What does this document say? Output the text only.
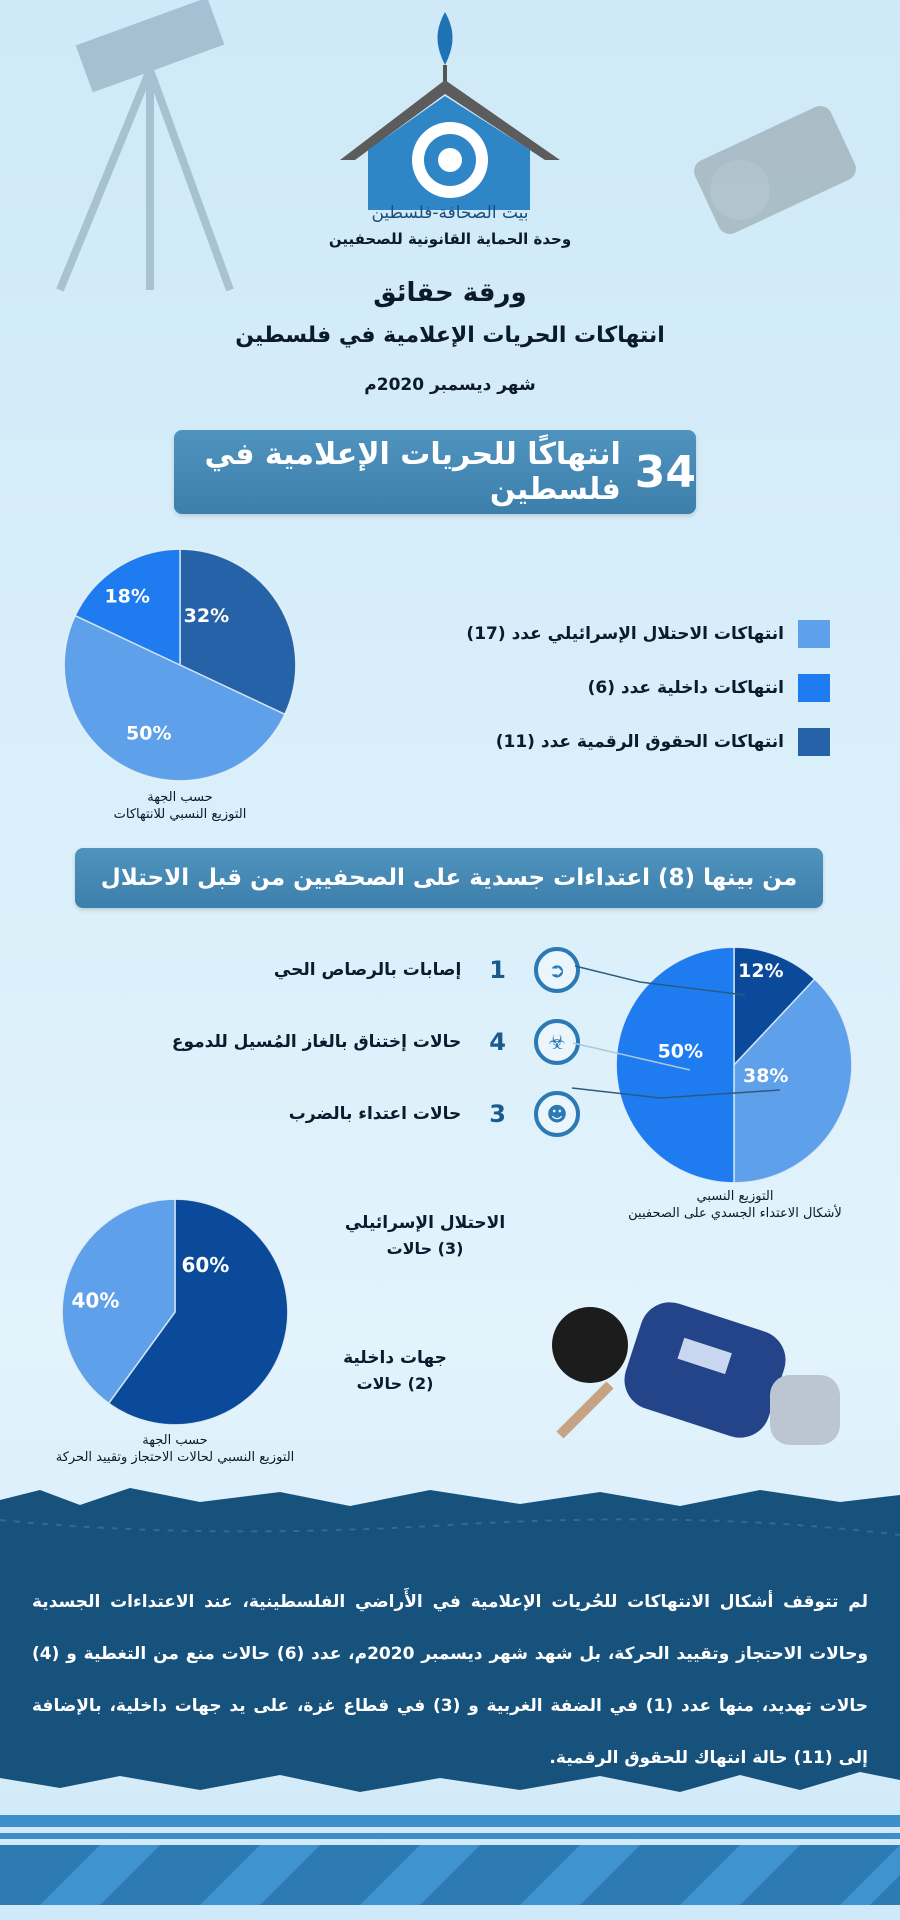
بيت الصحافة-فلسطين
وحدة الحماية القانونية للصحفيين
ورقة حقائق
انتهاكات الحريات الإعلامية في فلسطين
شهر ديسمبر 2020م
انتهاكًا للحريات الإعلامية في فلسطين 34
32%
50%
18%
حسب الجهة
التوزيع النسبي للانتهاكات
انتهاكات الاحتلال الإسرائيلي عدد (17)
انتهاكات داخلية عدد (6)
انتهاكات الحقوق الرقمية عدد (11)
من بينها (8) اعتداءات جسدية على الصحفيين من قبل الاحتلال
إصابات بالرصاص الحي 1	➲
حالات إختناق بالغاز المُسيل للدموع 4	☣
حالات اعتداء بالضرب 3	☻
12%
38%
50%
التوزيع النسبي
لأشكال الاعتداء الجسدي على الصحفيين
60%
40%
الاحتلال الإسرائيلي
(3) حالات
جهات داخلية
(2) حالات
حسب الجهة
التوزيع النسبي لحالات الاحتجاز وتقييد الحركة
لم تتوقف أشكال الانتهاكات للحُريات الإعلامية في الأَراضي الفلسطينية، عند الاعتداءات الجسدية وحالات الاحتجاز وتقييد الحركة، بل شهد شهر ديسمبر 2020م، عدد (6) حالات منع من التغطية و (4) حالات تهديد، منها عدد (1) في الضفة الغربية و (3) في قطاع غزة، على يد جهات داخلية، بالإضافة إلى (11) حالة انتهاك للحقوق الرقمية.
